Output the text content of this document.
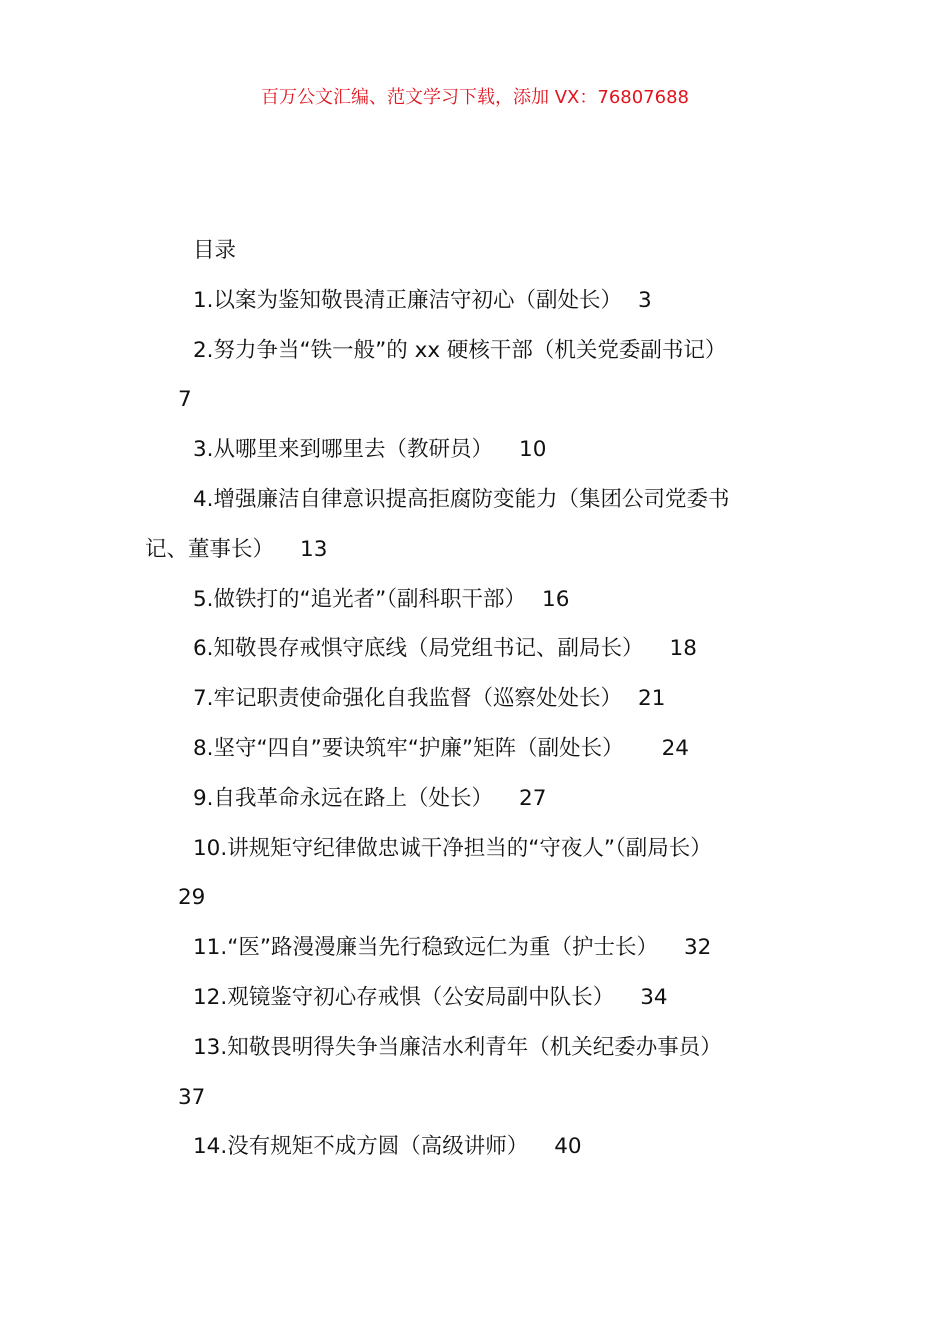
百万公文汇编、范文学习下载，添加 VX：76807688
目录
1.以案为鉴知敬畏清正廉洁守初心（副处长） 3
2.努力争当“铁一般”的 xx 硬核干部（机关党委副书记）
7
3.从哪里来到哪里去（教研员） 10
4.增强廉洁自律意识提高拒腐防变能力（集团公司党委书
记、董事长） 13
5.做铁打的“追光者”（副科职干部） 16
6.知敬畏存戒惧守底线（局党组书记、副局长） 18
7.牢记职责使命强化自我监督（巡察处处长） 21
8.坚守“四自”要诀筑牢“护廉”矩阵（副处长） 24
9.自我革命永远在路上（处长） 27
10.讲规矩守纪律做忠诚干净担当的“守夜人”（副局长）
29
11.“医”路漫漫廉当先行稳致远仁为重（护士长） 32
12.观镜鉴守初心存戒惧（公安局副中队长） 34
13.知敬畏明得失争当廉洁水利青年（机关纪委办事员）
37
14.没有规矩不成方圆（高级讲师） 40
